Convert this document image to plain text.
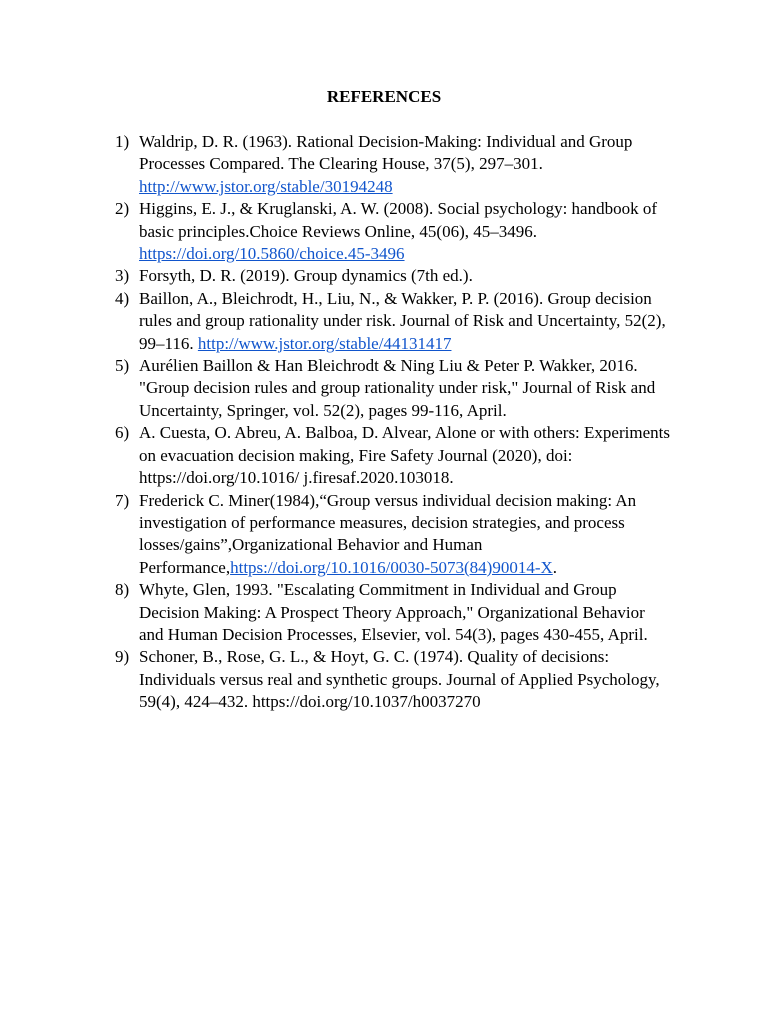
REFERENCES
1) Waldrip, D. R. (1963). Rational Decision-Making: Individual and Group Processes Compared. The Clearing House, 37(5), 297–301. http://www.jstor.org/stable/30194248
2) Higgins, E. J., & Kruglanski, A. W. (2008). Social psychology: handbook of basic principles.Choice Reviews Online, 45(06), 45–3496. https://doi.org/10.5860/choice.45-3496
3) Forsyth, D. R. (2019). Group dynamics (7th ed.).
4) Baillon, A., Bleichrodt, H., Liu, N., & Wakker, P. P. (2016). Group decision rules and group rationality under risk. Journal of Risk and Uncertainty, 52(2), 99–116. http://www.jstor.org/stable/44131417
5) Aurélien Baillon & Han Bleichrodt & Ning Liu & Peter P. Wakker, 2016. "Group decision rules and group rationality under risk," Journal of Risk and Uncertainty, Springer, vol. 52(2), pages 99-116, April.
6) A. Cuesta, O. Abreu, A. Balboa, D. Alvear, Alone or with others: Experiments on evacuation decision making, Fire Safety Journal (2020), doi: https://doi.org/10.1016/ j.firesaf.2020.103018.
7) Frederick C. Miner(1984),“Group versus individual decision making: An investigation of performance measures, decision strategies, and process losses/gains”,Organizational Behavior and Human Performance,https://doi.org/10.1016/0030-5073(84)90014-X.
8) Whyte, Glen, 1993. "Escalating Commitment in Individual and Group Decision Making: A Prospect Theory Approach," Organizational Behavior and Human Decision Processes, Elsevier, vol. 54(3), pages 430-455, April.
9) Schoner, B., Rose, G. L., & Hoyt, G. C. (1974). Quality of decisions: Individuals versus real and synthetic groups. Journal of Applied Psychology, 59(4), 424–432. https://doi.org/10.1037/h0037270
